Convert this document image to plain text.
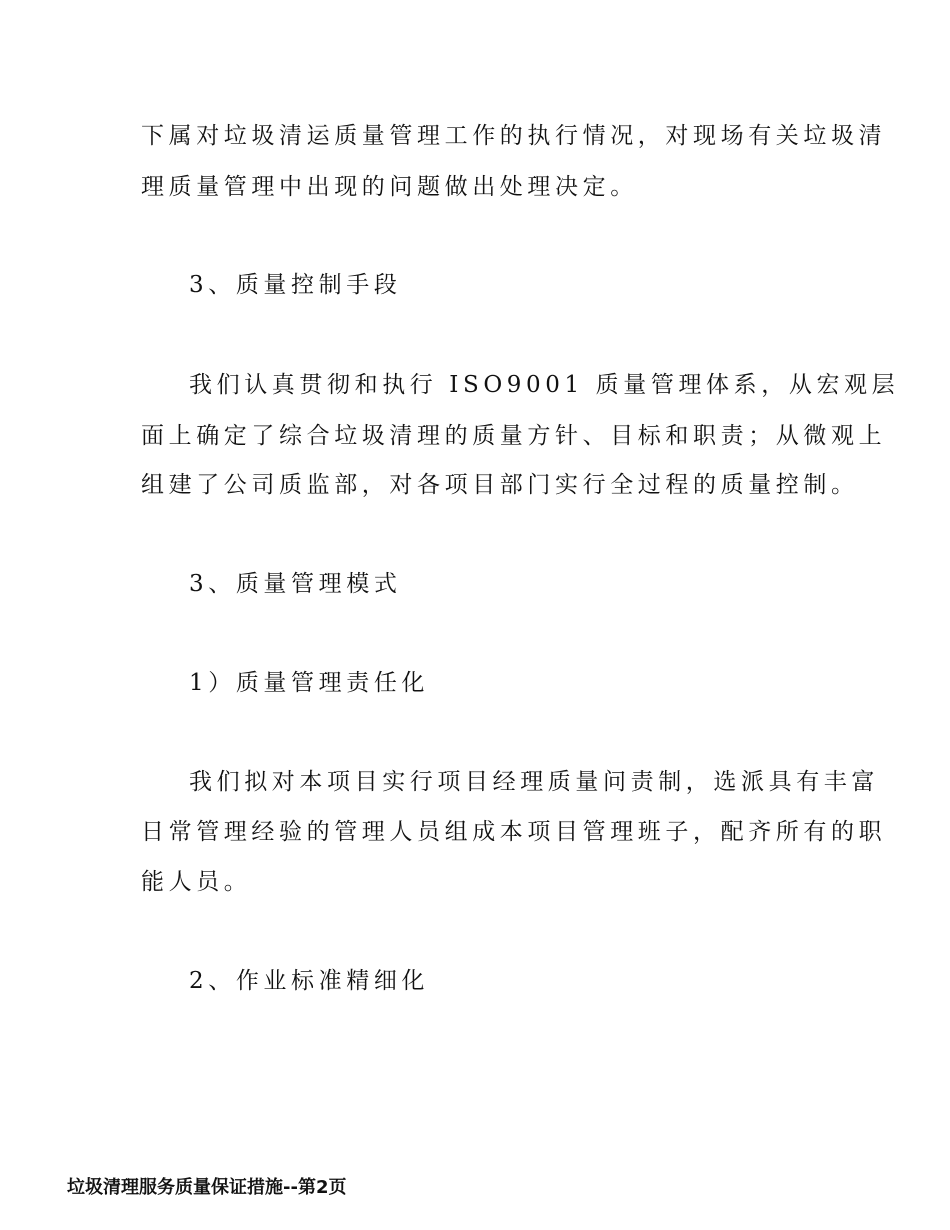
下属对垃圾清运质量管理工作的执行情况，对现场有关垃圾清
理质量管理中出现的问题做出处理决定。
3、质量控制手段
我们认真贯彻和执行 ISO9001 质量管理体系，从宏观层
面上确定了综合垃圾清理的质量方针、目标和职责；从微观上
组建了公司质监部，对各项目部门实行全过程的质量控制。
3、质量管理模式
1）质量管理责任化
我们拟对本项目实行项目经理质量问责制，选派具有丰富
日常管理经验的管理人员组成本项目管理班子，配齐所有的职
能人员。
2、作业标准精细化
垃圾清理服务质量保证措施--第2页
